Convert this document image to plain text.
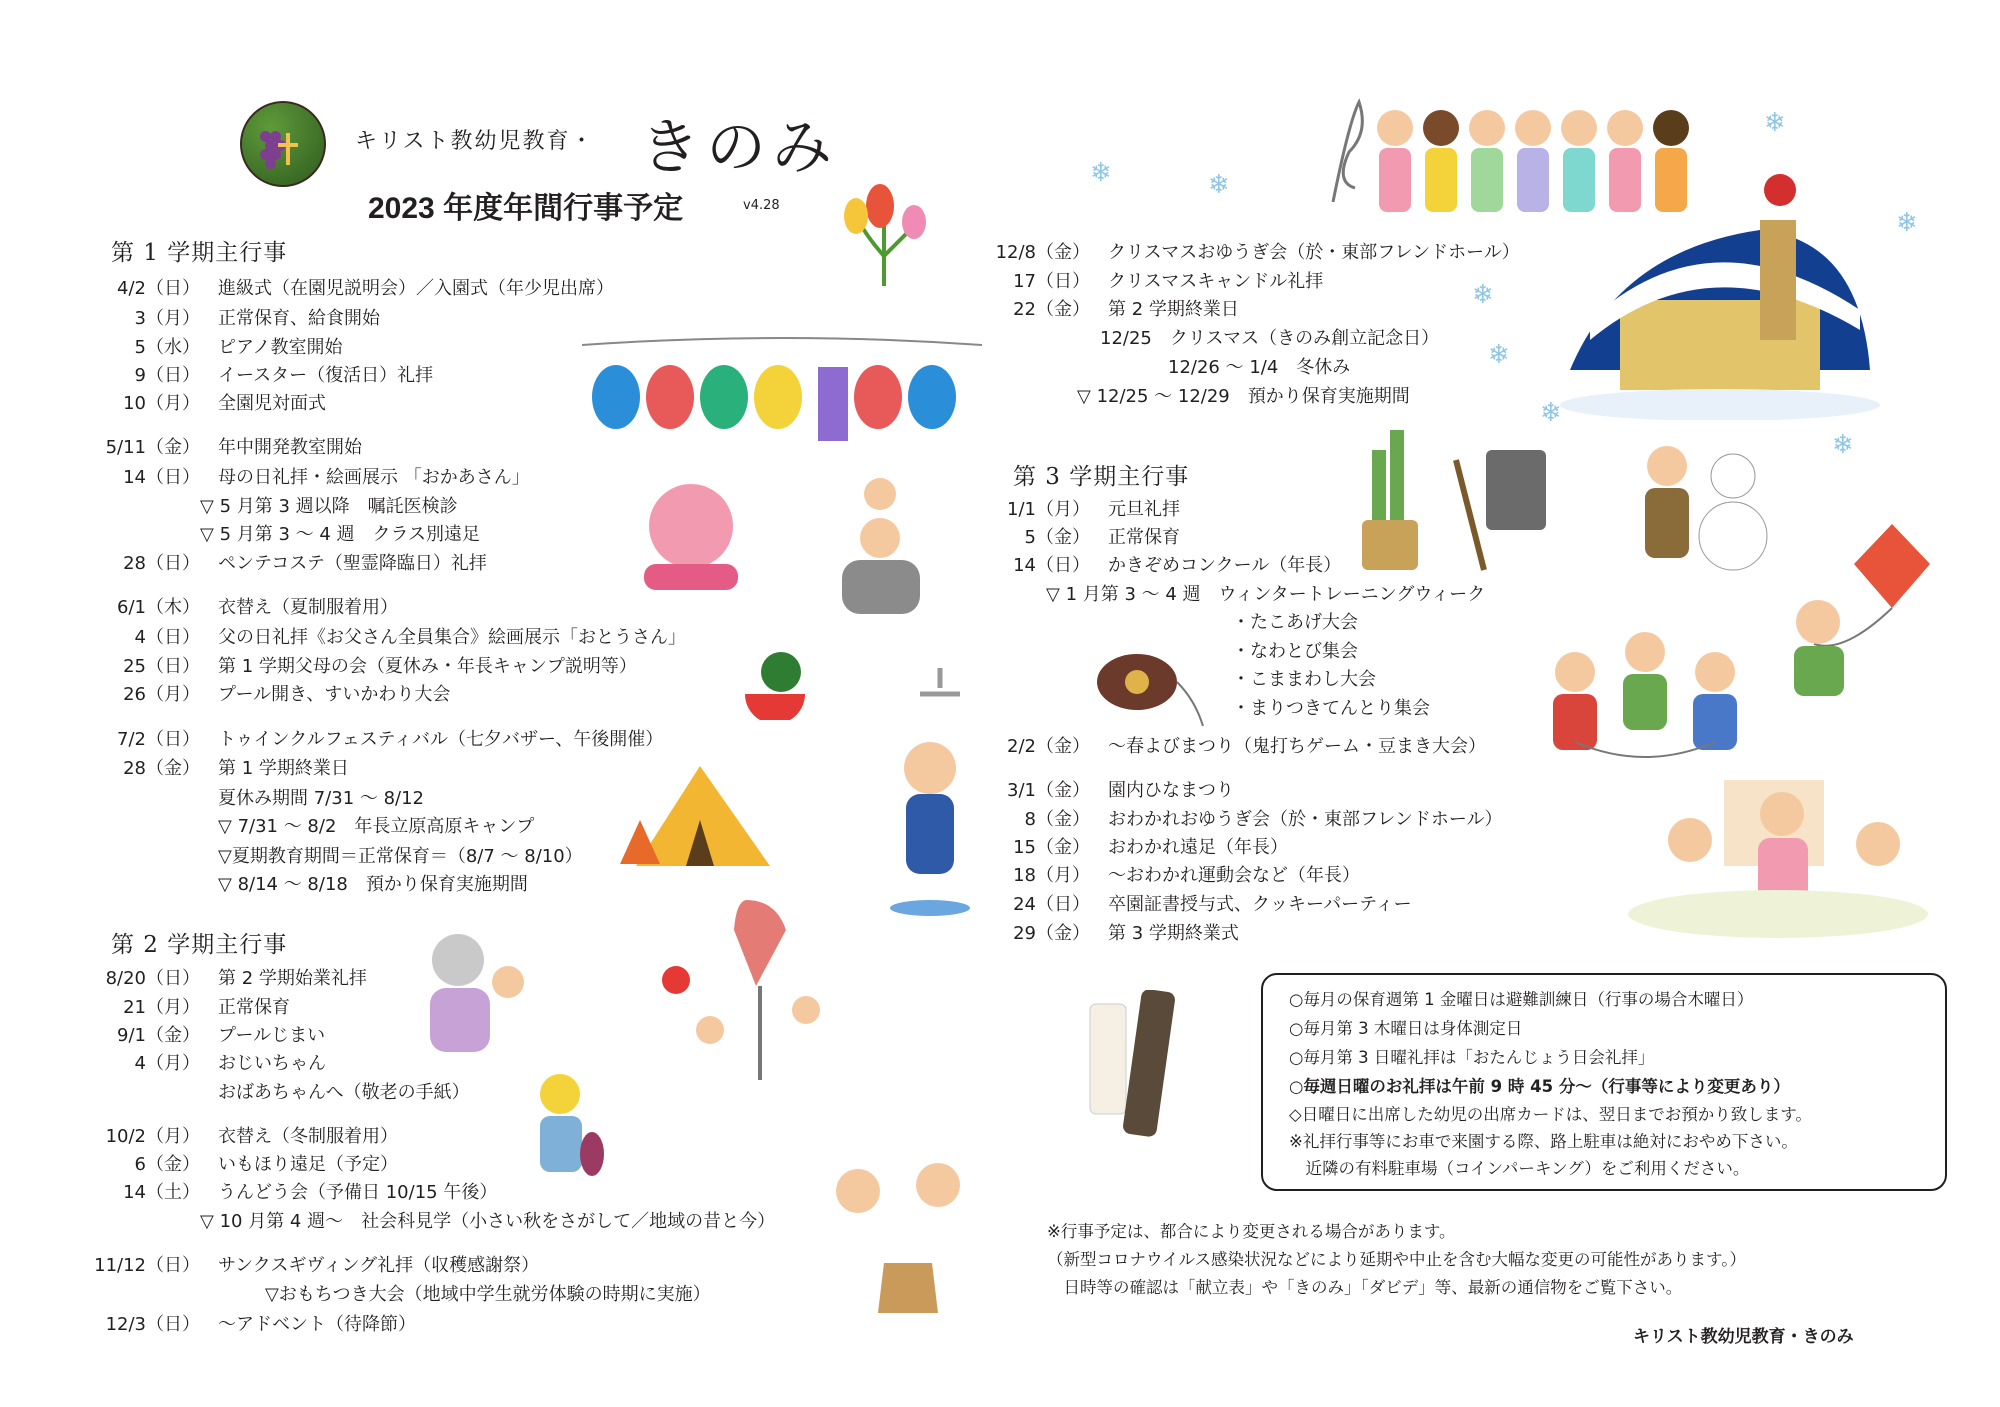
キリスト教幼児教育・ きのみ
2023 年度年間行事予定	v4.28
第 1 学期主行事
第 2 学期主行事
第 3 学期主行事
4/2（日） 進級式（在園児説明会）／入園式（年少児出席）
3（月） 正常保育、給食開始
5（水） ピアノ教室開始
9（日） イースター（復活日）礼拝
10（月） 全園児対面式
5/11（金） 年中開発教室開始
14（日） 母の日礼拝・絵画展示 「おかあさん」
▽ 5 月第 3 週以降　嘱託医検診
▽ 5 月第 3 ～ 4 週　クラス別遠足
28（日） ペンテコステ（聖霊降臨日）礼拝
6/1（木） 衣替え（夏制服着用）
4（日） 父の日礼拝《お父さん全員集合》絵画展示「おとうさん」
25（日） 第 1 学期父母の会（夏休み・年長キャンプ説明等）
26（月） プール開き、すいかわり大会
7/2（日） トゥインクルフェスティバル（七夕バザー、午後開催）
28（金） 第 1 学期終業日
夏休み期間 7/31 ～ 8/12
▽ 7/31 ～ 8/2　年長立原高原キャンプ
▽夏期教育期間＝正常保育＝（8/7 ～ 8/10）
▽ 8/14 ～ 8/18　預かり保育実施期間
8/20（日） 第 2 学期始業礼拝
21（月） 正常保育
9/1（金） プールじまい
4（月） おじいちゃん
おばあちゃんへ（敬老の手紙）
10/2（月） 衣替え（冬制服着用）
6（金） いもほり遠足（予定）
14（土） うんどう会（予備日 10/15 午後）
▽ 10 月第 4 週～　社会科見学（小さい秋をさがして／地域の昔と今）
11/12（日） サンクスギヴィング礼拝（収穫感謝祭）
▽おもちつき大会（地域中学生就労体験の時期に実施）
12/3（日） ～アドベント（待降節）
12/8（金） クリスマスおゆうぎ会（於・東部フレンドホール）
17（日） クリスマスキャンドル礼拝
22（金） 第 2 学期終業日
12/25　クリスマス（きのみ創立記念日）
12/26 ～ 1/4　冬休み
▽ 12/25 ～ 12/29　預かり保育実施期間
1/1（月） 元旦礼拝
5（金） 正常保育
14（日） かきぞめコンクール（年長）
▽ 1 月第 3 ～ 4 週　ウィンタートレーニングウィーク
・たこあげ大会
・なわとび集会
・こままわし大会
・まりつきてんとり集会
2/2（金） ～春よびまつり（鬼打ちゲーム・豆まき大会）
3/1（金） 園内ひなまつり
8（金） おわかれおゆうぎ会（於・東部フレンドホール）
15（金） おわかれ遠足（年長）
18（月） ～おわかれ運動会など（年長）
24（日） 卒園証書授与式、クッキーパーティー
29（金） 第 3 学期終業式
○毎月の保育週第 1 金曜日は避難訓練日（行事の場合木曜日）
○毎月第 3 木曜日は身体測定日
○毎月第 3 日曜礼拝は「おたんじょう日会礼拝」
○毎週日曜のお礼拝は午前 9 時 45 分～（行事等により変更あり）
◇日曜日に出席した幼児の出席カードは、翌日までお預かり致します。
※礼拝行事等にお車で来園する際、路上駐車は絶対におやめ下さい。
　近隣の有料駐車場（コインパーキング）をご利用ください。
※行事予定は、都合により変更される場合があります。
（新型コロナウイルス感染状況などにより延期や中止を含む大幅な変更の可能性があります。）
　日時等の確認は「献立表」や「きのみ」「ダビデ」等、最新の通信物をご覧下さい。
キリスト教幼児教育・きのみ
❄	❄
❄
❄
❄
❄
❄
❄
